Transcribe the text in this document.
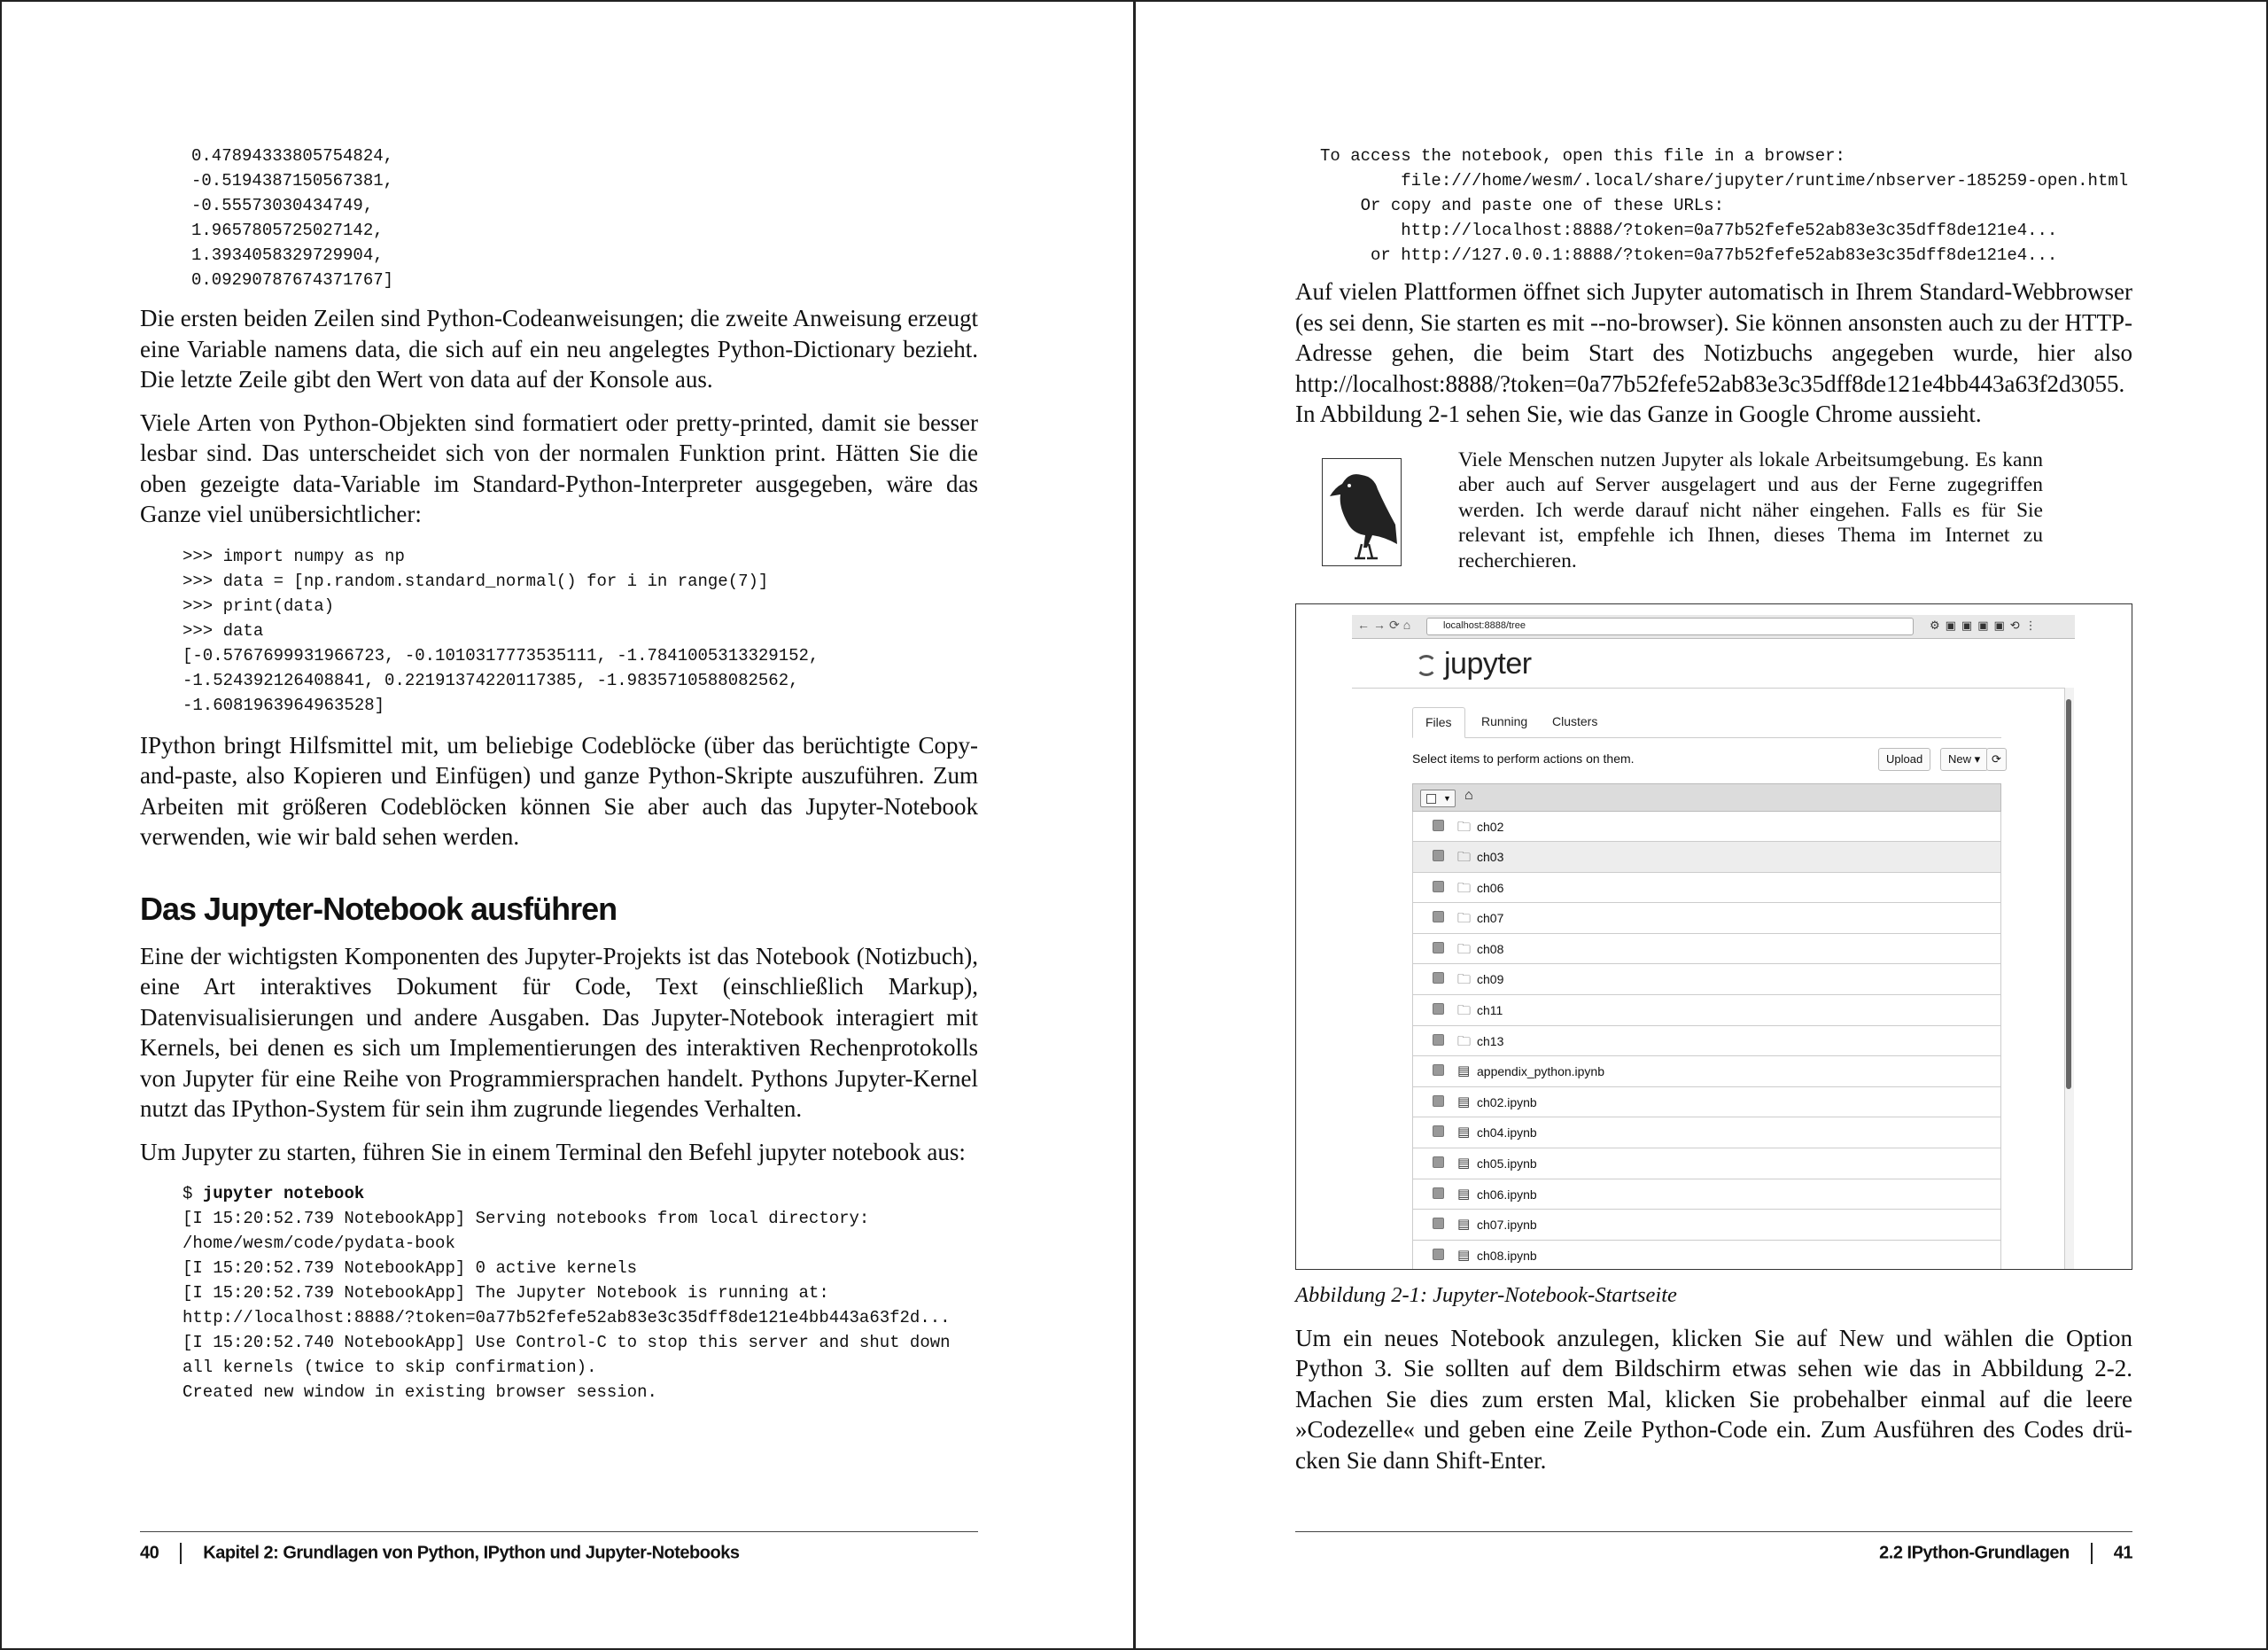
0.47894333805754824,
-0.5194387150567381,
-0.55573030434749,
1.9657805725027142,
1.3934058329729904,
0.09290787674371767]

Die ersten beiden Zeilen sind Python-Codeanweisungen; die zweite Anweisung erzeugt eine Variable namens data, die sich auf ein neu angelegtes Python-Dictionary bezieht. Die letzte Zeile gibt den Wert von data auf der Konsole aus.

Viele Arten von Python-Objekten sind formatiert oder pretty-printed, damit sie besser lesbar sind. Das unterscheidet sich von der normalen Funktion print. Hätten Sie die oben gezeigte data-Variable im Standard-Python-Interpreter ausgegeben, wäre das Ganze viel unübersichtlicher:

>>> import numpy as np
>>> data = [np.random.standard_normal() for i in range(7)]
>>> print(data)
>>> data
[-0.5767699931966723, -0.1010317773535111, -1.7841005313329152,
-1.524392126408841, 0.22191374220117385, -1.9835710588082562,
-1.6081963964963528]

IPython bringt Hilfsmittel mit, um beliebige Codeblöcke (über das berüchtigte Copy-and-paste, also Kopieren und Einfügen) und ganze Python-Skripte auszuführen. Zum Arbeiten mit größeren Codeblöcken können Sie aber auch das Jupyter-Notebook verwenden, wie wir bald sehen werden.

Das Jupyter-Notebook ausführen

Eine der wichtigsten Komponenten des Jupyter-Projekts ist das Notebook (Notizbuch), eine Art interaktives Dokument für Code, Text (einschließlich Markup), Datenvisualisierungen und andere Ausgaben. Das Jupyter-Notebook interagiert mit Kernels, bei denen es sich um Implementierungen des interaktiven Rechenprotokolls von Jupyter für eine Reihe von Programmiersprachen handelt. Pythons Jupyter-Kernel nutzt das IPython-System für sein ihm zugrunde liegendes Verhalten.

Um Jupyter zu starten, führen Sie in einem Terminal den Befehl jupyter notebook aus:

$ jupyter notebook
[I 15:20:52.739 NotebookApp] Serving notebooks from local directory:
/home/wesm/code/pydata-book
[I 15:20:52.739 NotebookApp] 0 active kernels
[I 15:20:52.739 NotebookApp] The Jupyter Notebook is running at:
http://localhost:8888/?token=0a77b52fefe52ab83e3c35dff8de121e4bb443a63f2d...
[I 15:20:52.740 NotebookApp] Use Control-C to stop this server and shut down
all kernels (twice to skip confirmation).
Created new window in existing browser session.
40	Kapitel 2: Grundlagen von Python, IPython und Jupyter-Notebooks
To access the notebook, open this file in a browser:
file:///home/wesm/.local/share/jupyter/runtime/nbserver-185259-open.html
Or copy and paste one of these URLs:
http://localhost:8888/?token=0a77b52fefe52ab83e3c35dff8de121e4...
or http://127.0.0.1:8888/?token=0a77b52fefe52ab83e3c35dff8de121e4...

Auf vielen Plattformen öffnet sich Jupyter automatisch in Ihrem Standard-Webbrowser (es sei denn, Sie starten es mit --no-browser). Sie können ansonsten auch zu der HTTP-Adresse gehen, die beim Start des Notizbuchs angegeben wurde, hier also http://localhost:8888/?token=0a77b52fefe52ab83e3c35dff8de121e4bb443a63f2d3055. In Abbildung 2-1 sehen Sie, wie das Ganze in Google Chrome aussieht.

Viele Menschen nutzen Jupyter als lokale Arbeitsumgebung. Es kann aber auch auf Server ausgelagert und aus der Ferne zugegriffen werden. Ich werde darauf nicht näher eingehen. Falls es für Sie relevant ist, empfehle ich Ihnen, dieses Thema im Internet zu recherchieren.

←→⟳⌂	localhost:8888/tree	⚙▣▣▣▣⟲⋮
jupyter
Files	Running	Clusters
Select items to perform actions on them.	Upload	New ▾ ⟳
▼ ⌂
🗀 ch02
🗀 ch03
🗀 ch06
🗀 ch07
🗀 ch08
🗀 ch09
🗀 ch11
🗀 ch13
▤ appendix_python.ipynb
▤ ch02.ipynb
▤ ch04.ipynb
▤ ch05.ipynb
▤ ch06.ipynb
▤ ch07.ipynb
▤ ch08.ipynb

Abbildung 2-1: Jupyter-Notebook-Startseite

Um ein neues Notebook anzulegen, klicken Sie auf New und wählen die Option Python 3. Sie sollten auf dem Bildschirm etwas sehen wie das in Abbildung 2-2. Machen Sie dies zum ersten Mal, klicken Sie probehalber einmal auf die leere »Codezelle« und geben eine Zeile Python-Code ein. Zum Ausführen des Codes drücken Sie dann Shift-Enter.

2.2 IPython-Grundlagen	41
